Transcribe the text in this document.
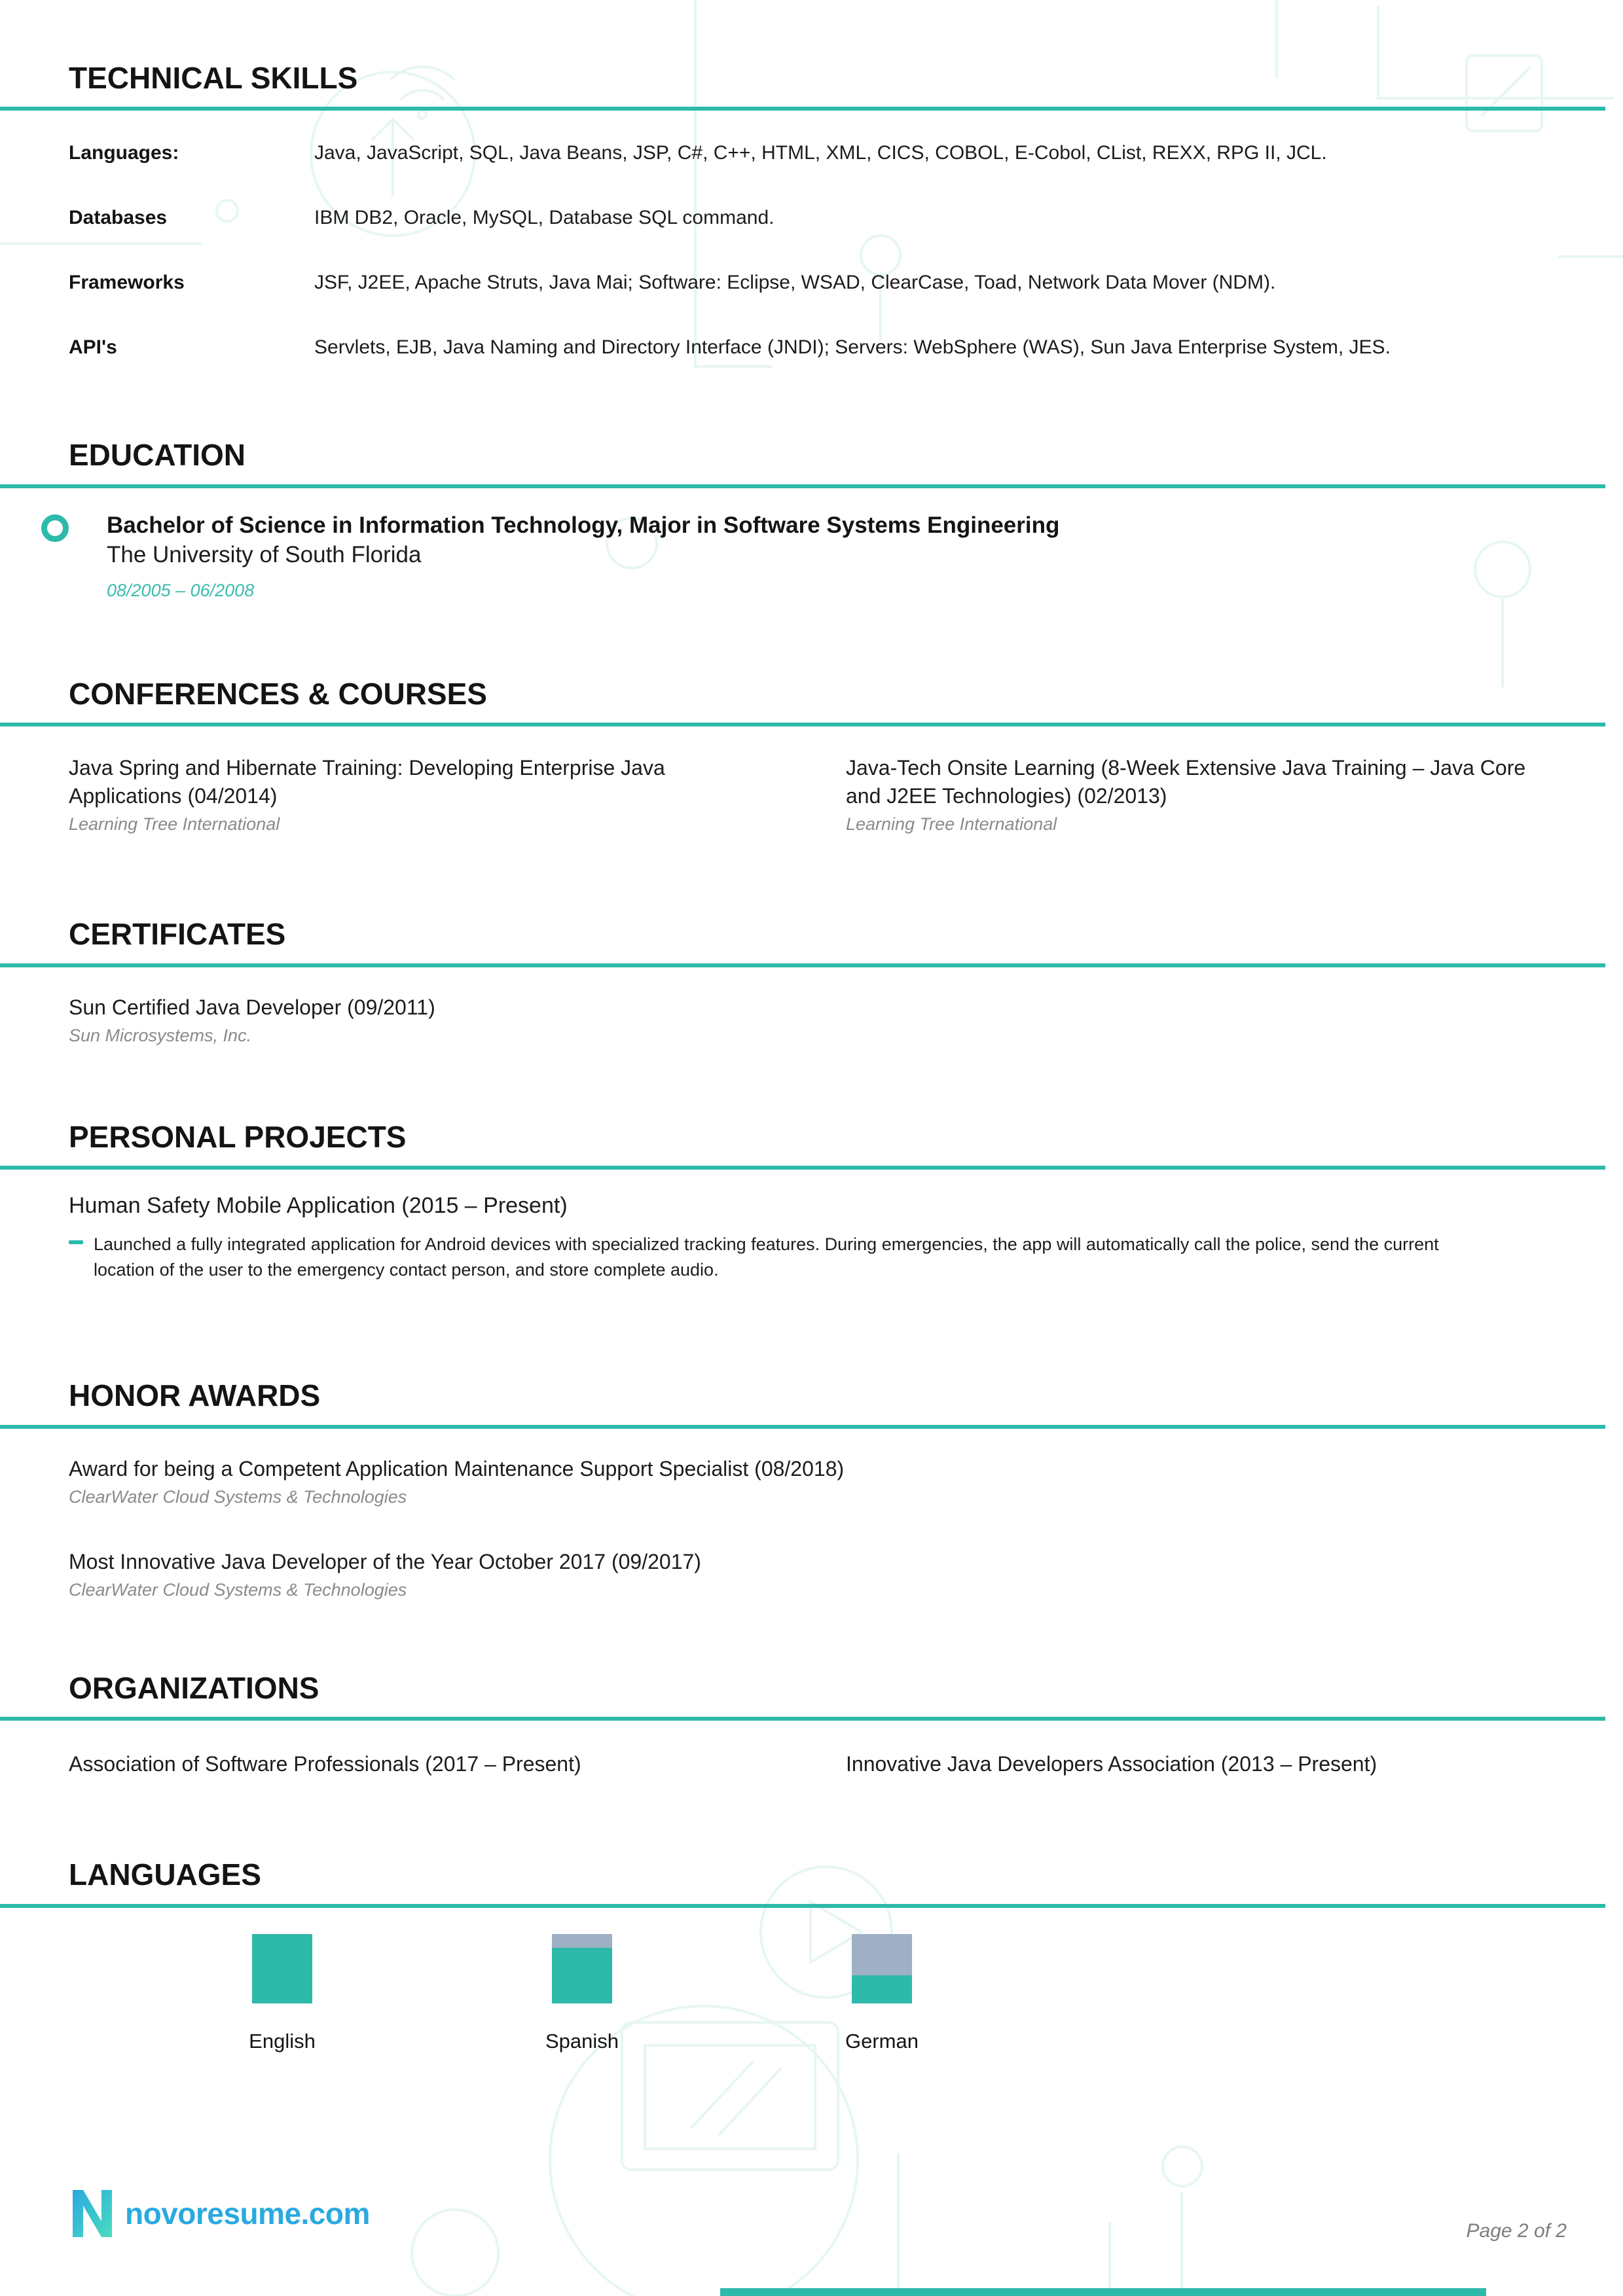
TECHNICAL SKILLS
Languages:	Java, JavaScript, SQL, Java Beans, JSP, C#, C++, HTML, XML, CICS, COBOL, E-Cobol, CList, REXX, RPG II, JCL.
Databases	IBM DB2, Oracle, MySQL, Database SQL command.
Frameworks	JSF, J2EE, Apache Struts, Java Mai; Software: Eclipse, WSAD, ClearCase, Toad, Network Data Mover (NDM).
API's	Servlets, EJB, Java Naming and Directory Interface (JNDI); Servers: WebSphere (WAS), Sun Java Enterprise System, JES.
EDUCATION
Bachelor of Science in Information Technology, Major in Software Systems Engineering
The University of South Florida
08/2005 – 06/2008
CONFERENCES & COURSES
Java Spring and Hibernate Training: Developing Enterprise Java Applications (04/2014)
Learning Tree International
Java-Tech Onsite Learning (8-Week Extensive Java Training – Java Core and J2EE Technologies) (02/2013)
Learning Tree International
CERTIFICATES
Sun Certified Java Developer (09/2011)
Sun Microsystems, Inc.
PERSONAL PROJECTS
Human Safety Mobile Application (2015 – Present)
Launched a fully integrated application for Android devices with specialized tracking features. During emergencies, the app will automatically call the police, send the current location of the user to the emergency contact person, and store complete audio.
HONOR AWARDS
Award for being a Competent Application Maintenance Support Specialist (08/2018)
ClearWater Cloud Systems & Technologies
Most Innovative Java Developer of the Year October 2017 (09/2017)
ClearWater Cloud Systems & Technologies
ORGANIZATIONS
Association of Software Professionals (2017 – Present)	Innovative Java Developers Association (2013 – Present)
LANGUAGES
English	Spanish	German
novoresume.com
Page 2 of 2
